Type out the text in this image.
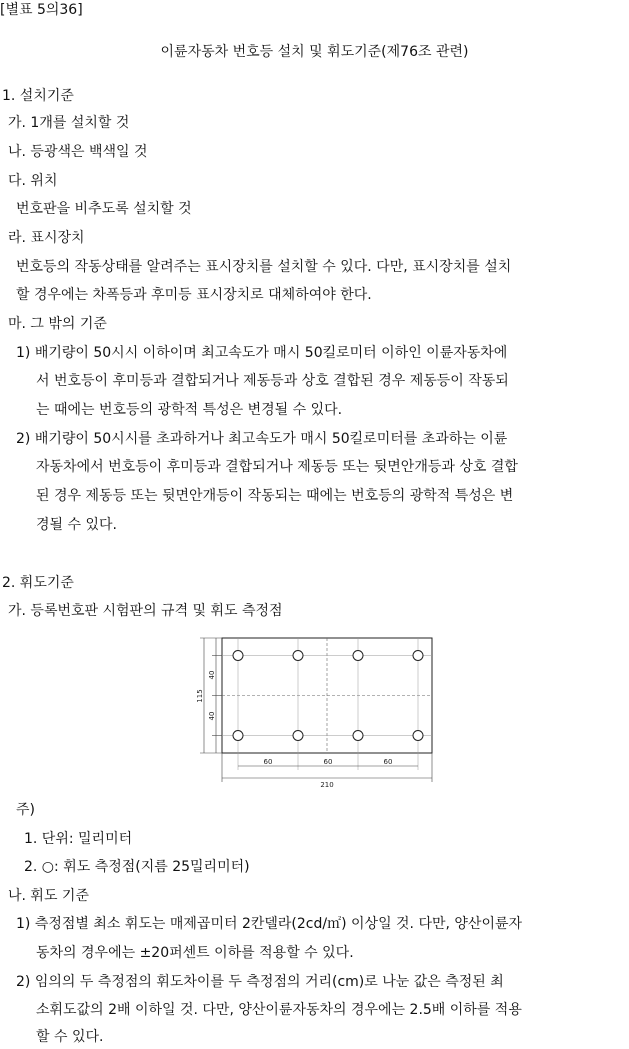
[별표 5의36]
이륜자동차 번호등 설치 및 휘도기준(제76조 관련)
1. 설치기준
가. 1개를 설치할 것
나. 등광색은 백색일 것
다. 위치
번호판을 비추도록 설치할 것
라. 표시장치
번호등의 작동상태를 알려주는 표시장치를 설치할 수 있다. 다만, 표시장치를 설치
할 경우에는 차폭등과 후미등 표시장치로 대체하여야 한다.
마. 그 밖의 기준
1) 배기량이 50시시 이하이며 최고속도가 매시 50킬로미터 이하인 이륜자동차에
서 번호등이 후미등과 결합되거나 제동등과 상호 결합된 경우 제동등이 작동되
는 때에는 번호등의 광학적 특성은 변경될 수 있다.
2) 배기량이 50시시를 초과하거나 최고속도가 매시 50킬로미터를 초과하는 이륜
자동차에서 번호등이 후미등과 결합되거나 제동등 또는 뒷면안개등과 상호 결합
된 경우 제동등 또는 뒷면안개등이 작동되는 때에는 번호등의 광학적 특성은 변
경될 수 있다.
2. 휘도기준
가. 등록번호판 시험판의 규격 및 휘도 측정점
115
40
40
60	60	60
210
주)
1. 단위: 밀리미터
2. ○: 휘도 측정점(지름 25밀리미터)
나. 휘도 기준
1) 측정점별 최소 휘도는 매제곱미터 2칸델라(2cd/㎡) 이상일 것. 다만, 양산이륜자
동차의 경우에는 ±20퍼센트 이하를 적용할 수 있다.
2) 임의의 두 측정점의 휘도차이를 두 측정점의 거리(cm)로 나눈 값은 측정된 최
소휘도값의 2배 이하일 것. 다만, 양산이륜자동차의 경우에는 2.5배 이하를 적용
할 수 있다.
